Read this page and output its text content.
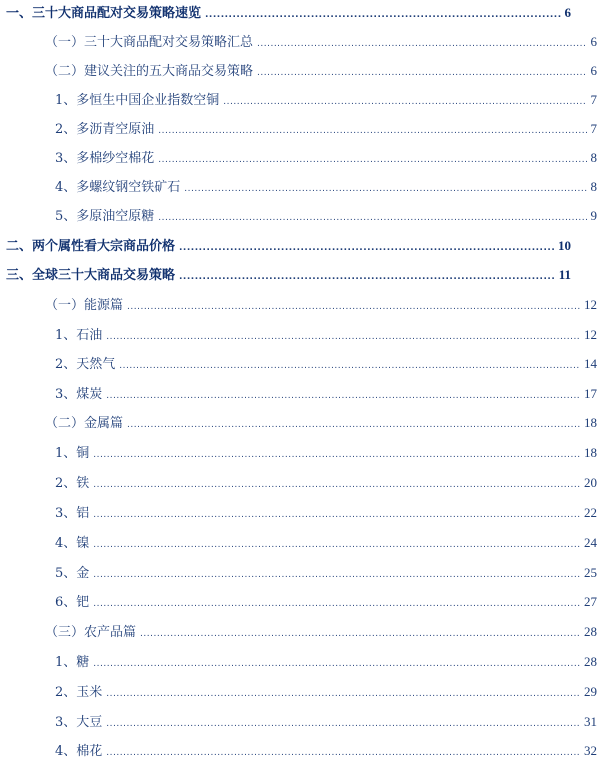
一、三十大商品配对交易策略速览 .....	6
（一）三十大商品配对交易策略汇总 .....	6
（二）建议关注的五大商品交易策略 .....	6
1、多恒生中国企业指数空铜 .....	7
2、多沥青空原油 .....	7
3、多棉纱空棉花 .....	8
4、多螺纹钢空铁矿石 .....	8
5、多原油空原糖 .....	9
二、两个属性看大宗商品价格 .....	10
三、全球三十大商品交易策略 .....	11
（一）能源篇 .....	12
1、石油 .....	12
2、天然气 .....	14
3、煤炭 .....	17
（二）金属篇 .....	18
1、铜 .....	18
2、铁 .....	20
3、铝 .....	22
4、镍 .....	24
5、金 .....	25
6、钯 .....	27
（三）农产品篇 .....	28
1、糖 .....	28
2、玉米 .....	29
3、大豆 .....	31
4、棉花 .....	32
